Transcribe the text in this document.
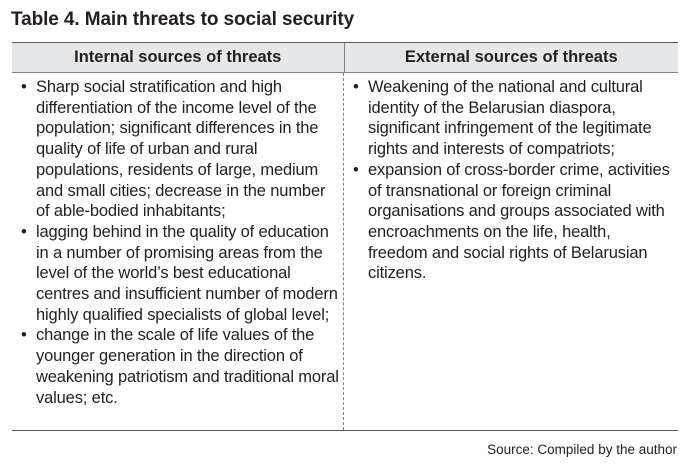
Table 4. Main threats to social security
Internal sources of threats	External sources of threats
• Sharp social stratification and high differentiation of the income level of the population; significant differences in the quality of life of urban and rural populations, residents of large, medium and small cities; decrease in the number of able-bodied inhabitants;
• lagging behind in the quality of education in a number of promising areas from the level of the world’s best educational centres and insufficient number of modern highly qualified specialists of global level;
• change in the scale of life values of the younger generation in the direction of weakening patriotism and traditional moral values; etc.
• Weakening of the national and cultural identity of the Belarusian diaspora, significant infringement of the legitimate rights and interests of compatriots;
• expansion of cross-border crime, activities of transnational or foreign criminal organisations and groups associated with encroachments on the life, health, freedom and social rights of Belarusian citizens.
Source: Compiled by the author
